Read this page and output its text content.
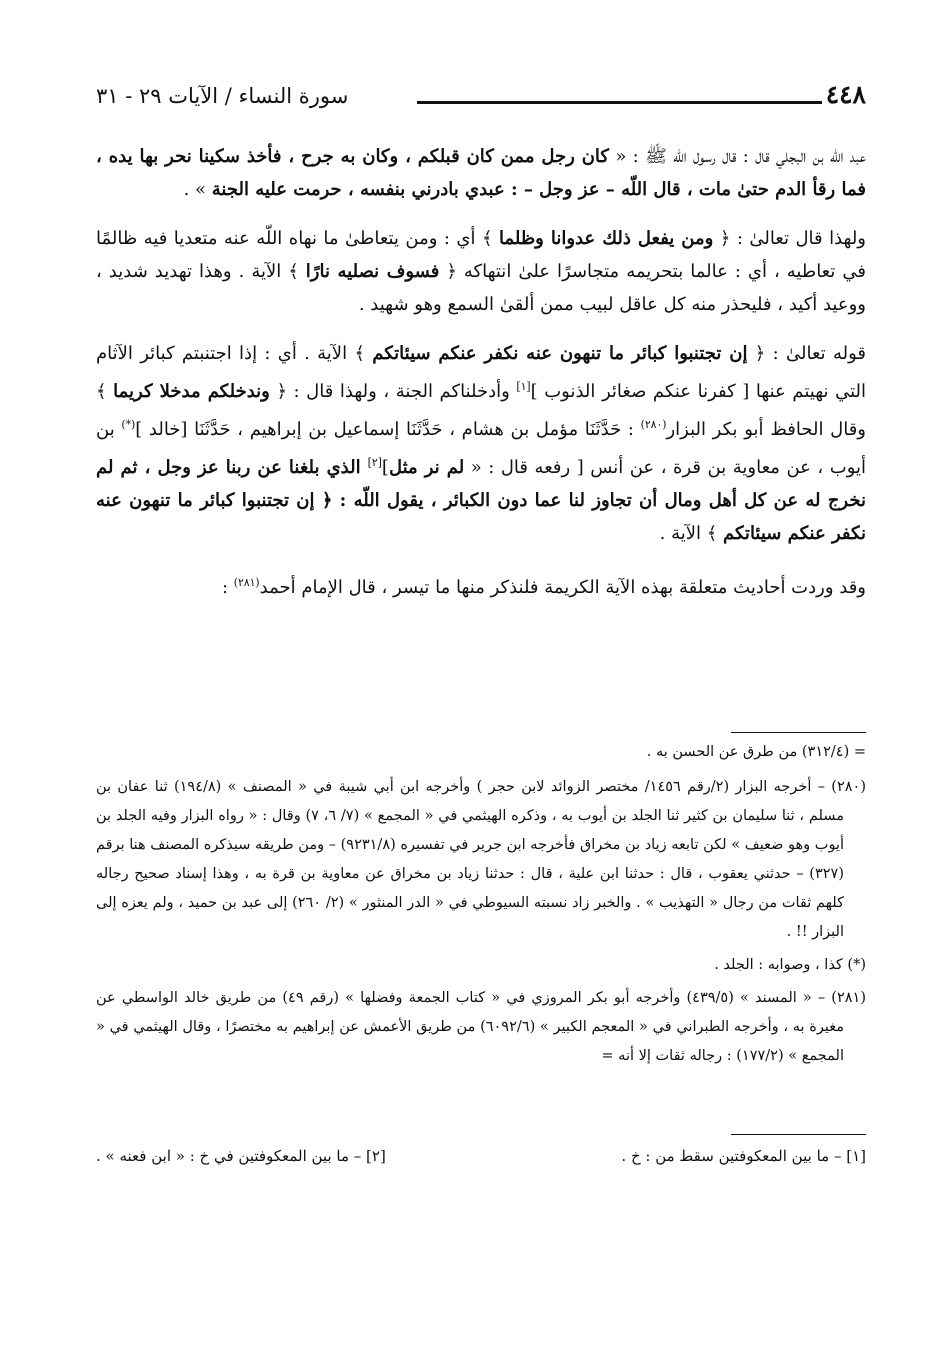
٤٤٨
سورة النساء / الآيات ٢٩ - ٣١

عبد اللّه بن البجلي قال : قال رسول اللّه ﷺ : « كان رجل ممن كان قبلكم ، وكان به جرح ، فأخذ سكينا نحر بها يده ، فما رقأ الدم حتىٰ مات ، قال اللّه – عز وجل – : عبدي بادرني بنفسه ، حرمت عليه الجنة » .

ولهذا قال تعالىٰ : ﴿ ومن يفعل ذلك عدوانا وظلما ﴾ أي : ومن يتعاطىٰ ما نهاه اللّه عنه متعديا فيه ظالمًا في تعاطيه ، أي : عالما بتحريمه متجاسرًا علىٰ انتهاكه ﴿ فسوف نصليه نارًا ﴾ الآية . وهذا تهديد شديد ، ووعيد أكيد ، فليحذر منه كل عاقل لبيب ممن ألقىٰ السمع وهو شهيد .

قوله تعالىٰ : ﴿ إن تجتنبوا كبائر ما تنهون عنه نكفر عنكم سيئاتكم ﴾ الآية . أي : إذا اجتنبتم كبائر الآثام التي نهيتم عنها [ كفرنا عنكم صغائر الذنوب ][١] وأدخلناكم الجنة ، ولهذا قال : ﴿ وندخلكم مدخلا كريما ﴾ وقال الحافظ أبو بكر البزار$^{(٢٨٠)}$ : حَدَّثَنَا مؤمل بن هشام ، حَدَّثَنَا إسماعيل بن إبراهيم ، حَدَّثَنَا [خالد ](*) بن أيوب ، عن معاوية بن قرة ، عن أنس [ رفعه قال : « لم نر مثل][٢] الذي بلغنا عن ربنا عز وجل ، ثم لم نخرج له عن كل أهل ومال أن تجاوز لنا عما دون الكبائر ، يقول اللّه : ﴿ إن تجتنبوا كبائر ما تنهون عنه نكفر عنكم سيئاتكم ﴾ الآية .

وقد وردت أحاديث متعلقة بهذه الآية الكريمة فلنذكر منها ما تيسر ، قال الإمام أحمد$^{(٢٨١)}$ :

= (٣١٢/٤) من طرق عن الحسن به .

(٢٨٠) – أخرجه البزار (٢/رقم ١٤٥٦/ مختصر الزوائد لابن حجر ) وأخرجه ابن أبي شيبة في « المصنف » (١٩٤/٨) ثنا عفان بن مسلم ، ثنا سليمان بن كثير ثنا الجلد بن أيوب به ، وذكره الهيثمي في « المجمع » (٧/ ٦، ٧) وقال : « رواه البزار وفيه الجلد بن أيوب وهو ضعيف » لكن تابعه زياد بن مخراق فأخرجه ابن جرير في تفسيره (٩٢٣١/٨) – ومن طريقه سيذكره المصنف هنا برقم (٣٢٧) – حدثني يعقوب ، قال : حدثنا ابن علية ، قال : حدثنا زياد بن مخراق عن معاوية بن قرة به ، وهذا إسناد صحيح رجاله كلهم ثقات من رجال « التهذيب » . والخبر زاد نسبته السيوطي في « الدر المنثور » (٢/ ٢٦٠) إلى عبد بن حميد ، ولم يعزه إلى البزار !! .

(*) كذا ، وصوابه : الجلد .

(٢٨١) – « المسند » (٤٣٩/٥) وأخرجه أبو بكر المروزي في « كتاب الجمعة وفضلها » (رقم ٤٩) من طريق خالد الواسطي عن مغيرة به ، وأخرجه الطبراني في « المعجم الكبير » (٦٠٩٢/٦) من طريق الأعمش عن إبراهيم به مختصرًا ، وقال الهيثمي في « المجمع » (١٧٧/٢) : رجاله ثقات إلا أنه =

[١] – ما بين المعكوفتين سقط من : خ .
[٢] – ما بين المعكوفتين في خ : « ابن فعنه » .
